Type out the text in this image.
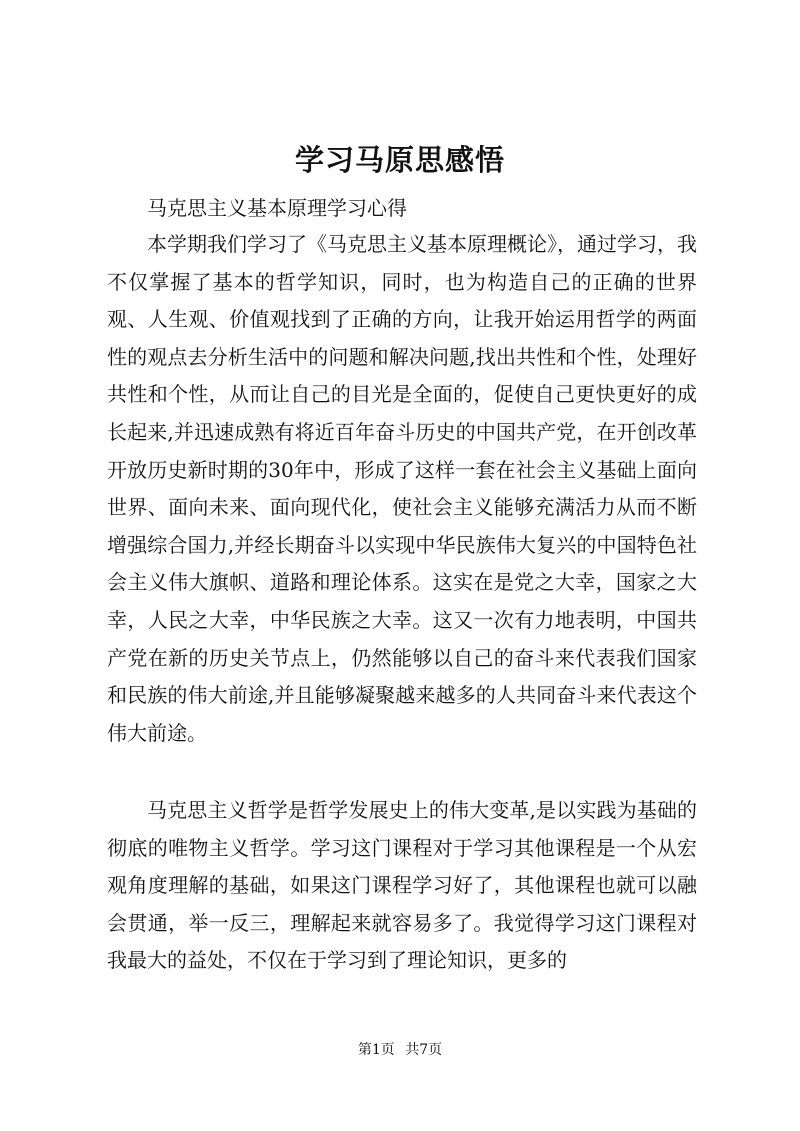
学习马原思感悟

马克思主义基本原理学习心得

本学期我们学习了《马克思主义基本原理概论》，通过学习，我不仅掌握了基本的哲学知识，同时，也为构造自己的正确的世界观、人生观、价值观找到了正确的方向，让我开始运用哲学的两面性的观点去分析生活中的问题和解决问题,找出共性和个性，处理好共性和个性，从而让自己的目光是全面的，促使自己更快更好的成长起来,并迅速成熟有将近百年奋斗历史的中国共产党，在开创改革开放历史新时期的30年中，形成了这样一套在社会主义基础上面向世界、面向未来、面向现代化，使社会主义能够充满活力从而不断增强综合国力,并经长期奋斗以实现中华民族伟大复兴的中国特色社会主义伟大旗帜、道路和理论体系。这实在是党之大幸，国家之大幸，人民之大幸，中华民族之大幸。这又一次有力地表明，中国共产党在新的历史关节点上，仍然能够以自己的奋斗来代表我们国家和民族的伟大前途,并且能够凝聚越来越多的人共同奋斗来代表这个伟大前途。

马克思主义哲学是哲学发展史上的伟大变革,是以实践为基础的彻底的唯物主义哲学。学习这门课程对于学习其他课程是一个从宏观角度理解的基础，如果这门课程学习好了，其他课程也就可以融会贯通，举一反三，理解起来就容易多了。我觉得学习这门课程对我最大的益处，不仅在于学习到了理论知识，更多的

第1页 共7页
